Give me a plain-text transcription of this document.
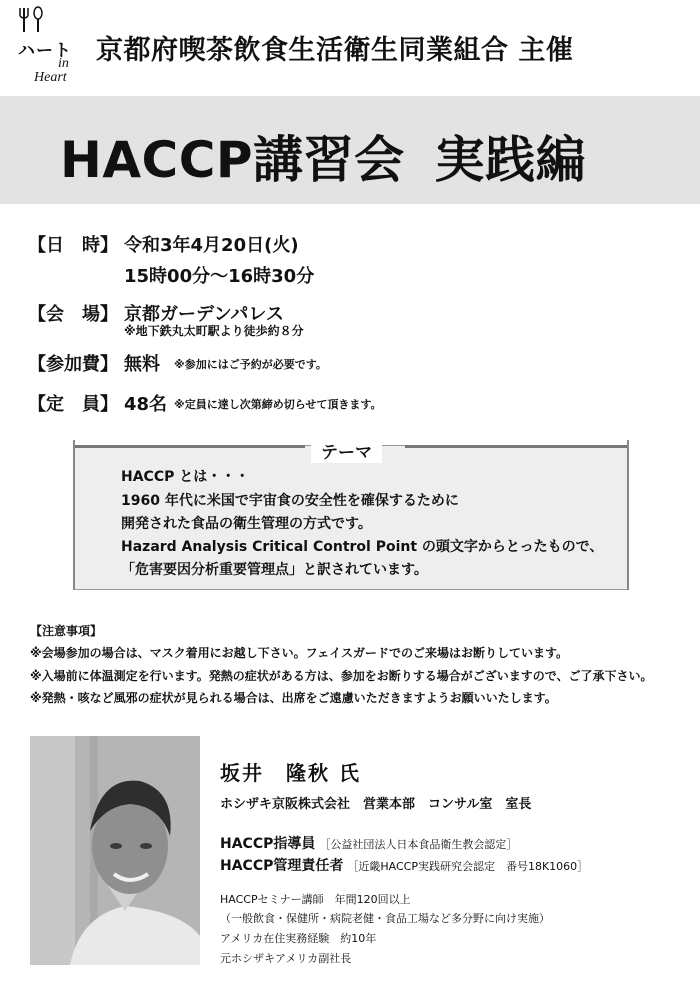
ハート
in
Heart
京都府喫茶飲食生活衛生同業組合 主催
HACCP講習会 実践編
【日　時】 令和3年4月20日(火)
15時00分〜16時30分
【会　場】 京都ガーデンパレス
※地下鉄丸太町駅より徒歩約８分
【参加費】 無料 ※参加にはご予約が必要です。
【定　員】 48名 ※定員に達し次第締め切らせて頂きます。
テーマ
HACCP とは・・・
1960 年代に米国で宇宙食の安全性を確保するために
開発された食品の衛生管理の方式です。
Hazard Analysis Critical Control Point の頭文字からとったもので、
「危害要因分析重要管理点」と訳されています。
【注意事項】
※会場参加の場合は、マスク着用にお越し下さい。フェイスガードでのご来場はお断りしています。
※入場前に体温測定を行います。発熱の症状がある方は、参加をお断りする場合がございますので、ご了承下さい。
※発熱・咳など風邪の症状が見られる場合は、出席をご遠慮いただきますようお願いいたします。
坂井　隆秋 氏
ホシザキ京阪株式会社　営業本部　コンサル室　室長
HACCP指導員 ［公益社団法人日本食品衛生教会認定］
HACCP管理責任者 ［近畿HACCP実践研究会認定　番号18K1060］
HACCPセミナー講師　年間120回以上
（一般飲食・保健所・病院老健・食品工場など多分野に向け実施）
アメリカ在住実務経験　約10年
元ホシザキアメリカ副社長
